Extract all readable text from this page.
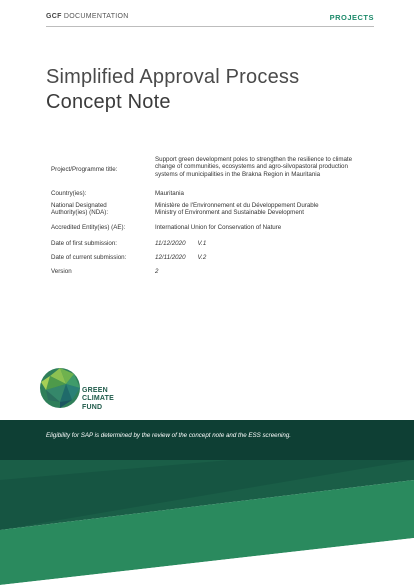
GCF DOCUMENTATION	PROJECTS
Simplified Approval Process
Concept Note
Project/Programme title:
Support green development poles to strengthen the resilience to climate change of communities, ecosystems and agro-silvopastoral production systems of municipalities in the Brakna Region in Mauritania
Country(ies):	Mauritania
National Designated
Authority(ies) (NDA):
Ministère de l'Environnement et du Développement Durable
Ministry of Environment and Sustainable Development
Accredited Entity(ies) (AE):	International Union for Conservation of Nature
Date of first submission:	11/12/2020 V.1
Date of current submission:	12/11/2020 V.2
Version	2
GREEN
CLIMATE
FUND
Eligibility for SAP is determined by the review of the concept note and the ESS screening.
